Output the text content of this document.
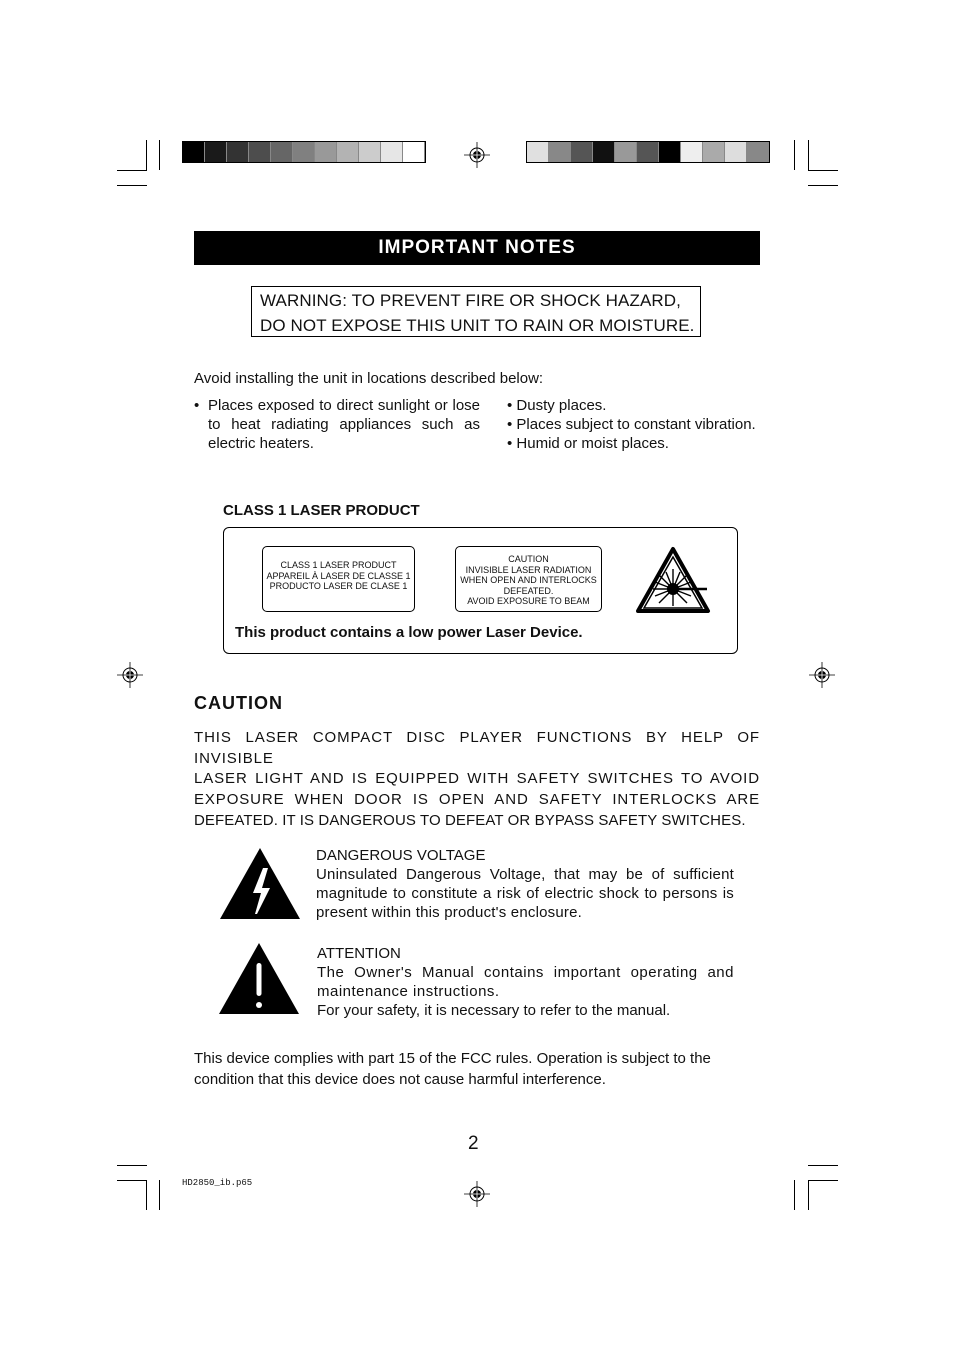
IMPORTANT NOTES
WARNING: TO PREVENT FIRE OR SHOCK HAZARD,
DO NOT EXPOSE THIS UNIT TO RAIN OR MOISTURE.
Avoid installing the unit in locations described below:
• Places exposed to direct sunlight or lose to heat radiating appliances such as electric heaters.
• Dusty places.
• Places subject to constant vibration.
• Humid or moist places.
CLASS 1 LASER PRODUCT
CLASS 1 LASER PRODUCT
APPAREIL À LASER DE CLASSE 1
PRODUCTO LASER DE CLASE 1
CAUTION
INVISIBLE LASER RADIATION
WHEN OPEN AND INTERLOCKS
DEFEATED.
AVOID EXPOSURE TO BEAM
This product contains a low power Laser Device.
CAUTION
THIS LASER COMPACT DISC PLAYER FUNCTIONS BY HELP OF INVISIBLE
LASER LIGHT AND IS EQUIPPED WITH SAFETY SWITCHES TO AVOID
EXPOSURE WHEN DOOR IS OPEN AND SAFETY INTERLOCKS ARE
DEFEATED. IT IS DANGEROUS TO DEFEAT OR BYPASS SAFETY SWITCHES.
DANGEROUS VOLTAGE
Uninsulated Dangerous Voltage, that may be of sufficient magnitude to constitute a risk of electric shock to persons is present within this product's enclosure.
ATTENTION
The Owner's Manual contains important operating and maintenance instructions.
For your safety, it is necessary to refer to the manual.
This device complies with part 15 of the FCC rules. Operation is subject to the condition that this device does not cause harmful interference.
2
HD2850_ib.p65
